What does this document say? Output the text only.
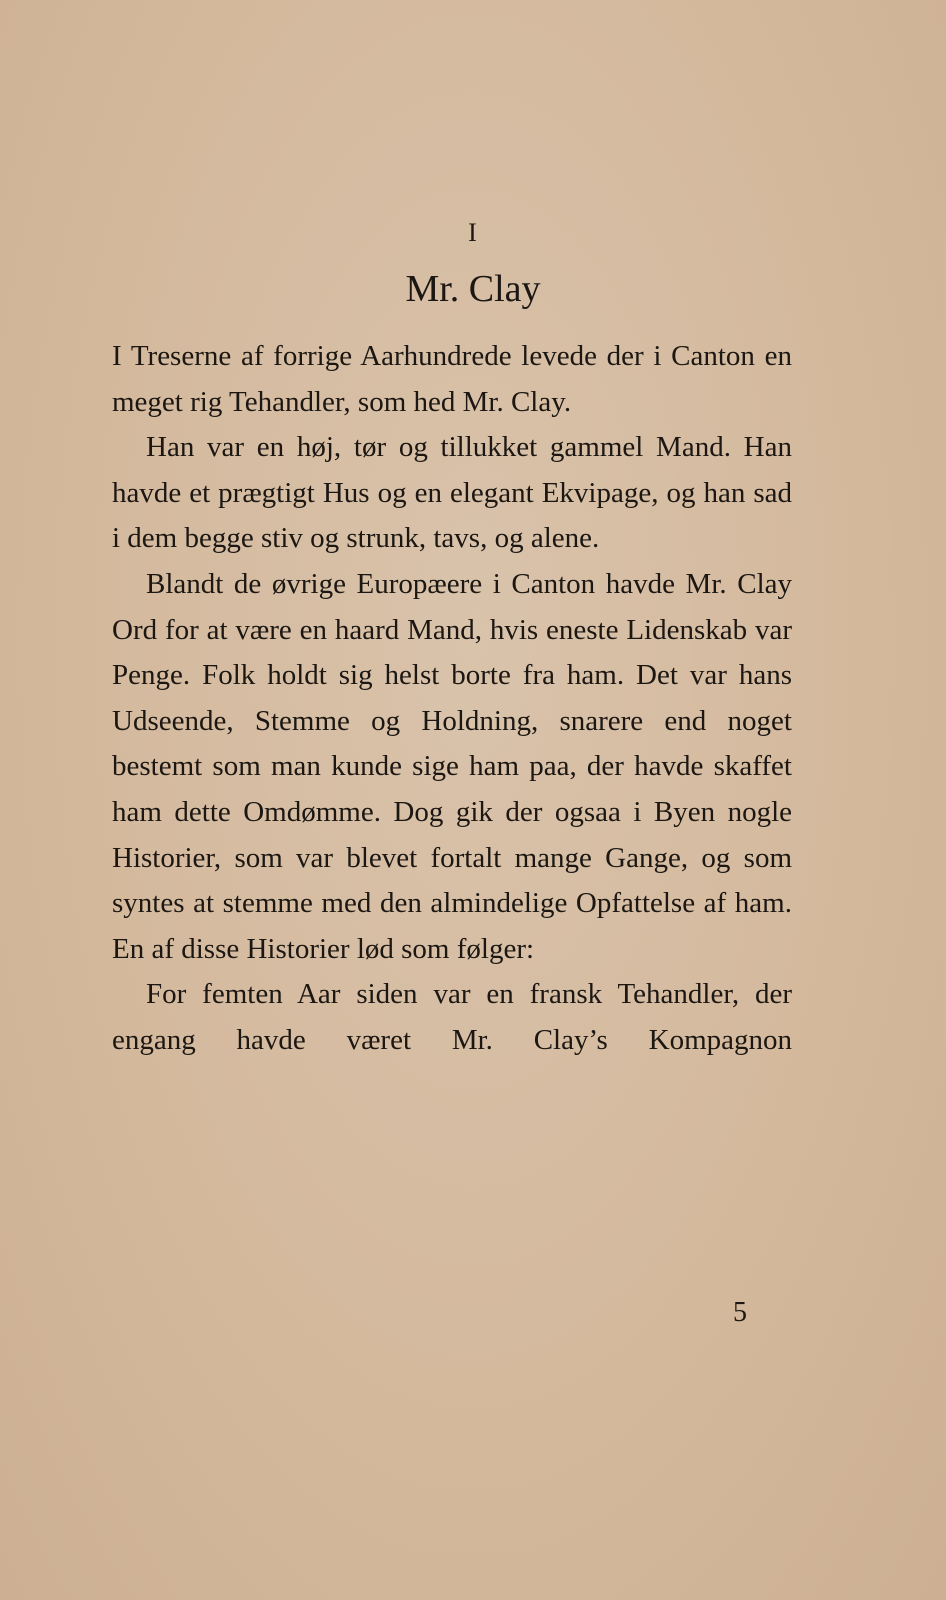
I
Mr. Clay

I Treserne af forrige Aarhundrede levede der i Canton en meget rig Tehandler, som hed Mr. Clay.

Han var en høj, tør og tillukket gammel Mand. Han havde et prægtigt Hus og en elegant Ekvipage, og han sad i dem begge stiv og strunk, tavs, og alene.

Blandt de øvrige Europæere i Canton havde Mr. Clay Ord for at være en haard Mand, hvis eneste Lidenskab var Penge. Folk holdt sig helst borte fra ham. Det var hans Udseende, Stemme og Holdning, snarere end noget bestemt som man kunde sige ham paa, der havde skaffet ham dette Omdømme. Dog gik der ogsaa i Byen nogle Historier, som var blevet fortalt mange Gange, og som syntes at stemme med den almindelige Opfattelse af ham. En af disse Historier lød som følger:

For femten Aar siden var en fransk Tehandler, der engang havde været Mr. Clay’s Kompagnon

5
